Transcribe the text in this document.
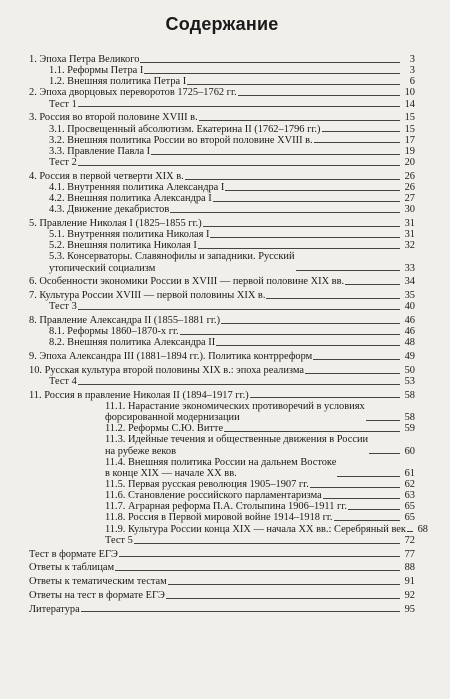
Содержание
1. Эпоха Петра Великого	3
1.1. Реформы Петра I	3
1.2. Внешняя политика Петра I	6
2. Эпоха дворцовых переворотов 1725–1762 гг.	10
Тест 1	14
3. Россия во второй половине XVIII в.	15
3.1. Просвещенный абсолютизм. Екатерина II (1762–1796 гг.)	15
3.2. Внешняя политика России во второй половине XVIII в.	17
3.3. Правление Павла I	19
Тест 2	20
4. Россия в первой четверти XIX в.	26
4.1. Внутренняя политика Александра I	26
4.2. Внешняя политика Александра I	27
4.3. Движение декабристов	30
5. Правление Николая I (1825–1855 гг.)	31
5.1. Внутренняя политика Николая I	31
5.2. Внешняя политика Николая I	32
5.3. Консерваторы. Славянофилы и западники. Русский
утопический социализм	33
6. Особенности экономики России в XVIII — первой половине XIX вв.	34
7. Культура России XVIII — первой половины XIX в.	35
Тест 3	40
8. Правление Александра II (1855–1881 гг.)	46
8.1. Реформы 1860–1870-х гг.	46
8.2. Внешняя политика Александра II	48
9. Эпоха Александра III (1881–1894 гг.). Политика контрреформ	49
10. Русская культура второй половины XIX в.: эпоха реализма	50
Тест 4	53
11. Россия в правление Николая II (1894–1917 гг.)	58
11.1. Нарастание экономических противоречий в условиях
форсированной модернизации	58
11.2. Реформы С.Ю. Витте	59
11.3. Идейные течения и общественные движения в России
на рубеже веков	60
11.4. Внешняя политика России на дальнем Востоке
в конце XIX — начале XX вв.	61
11.5. Первая русская революция 1905–1907 гг.	62
11.6. Становление российского парламентаризма	63
11.7. Аграрная реформа П.А. Столыпина 1906–1911 гг.	65
11.8. Россия в Первой мировой войне 1914–1918 гг.	65
11.9. Культура России конца XIX — начала XX вв.: Серебряный век	68
Тест 5	72
Тест в формате ЕГЭ	77
Ответы к таблицам	88
Ответы к тематическим тестам	91
Ответы на тест в формате ЕГЭ	92
Литература	95
